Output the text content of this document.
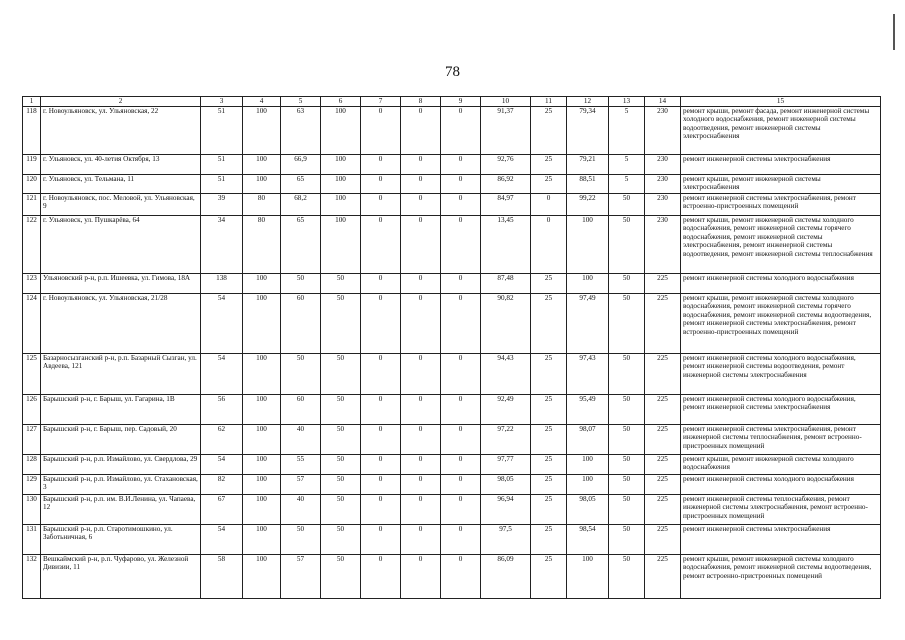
78
1	2	3	4	5	6	7	8	9	10	11	12	13	14	15
118	г. Новоульяновск, ул. Ульяновская, 22	51	100	63	100	0	0	0	91,37	25	79,34	5	230	ремонт крыши, ремонт фасада, ремонт инженерной системы холодного водоснабжения, ремонт инженерной системы водоотведения, ремонт инженерной системы электроснабжения
119	г. Ульяновск, ул. 40-летия Октября, 13	51	100	66,9	100	0	0	0	92,76	25	79,21	5	230	ремонт инженерной системы электроснабжения
120	г. Ульяновск, ул. Тельмана, 11	51	100	65	100	0	0	0	86,92	25	88,51	5	230	ремонт крыши, ремонт инженерной системы электроснабжения
121	г. Новоульяновск, пос. Меловой, ул. Ульяновская, 9	39	80	68,2	100	0	0	0	84,97	0	99,22	50	230	ремонт инженерной системы электроснабжения, ремонт встроенно-пристроенных помещений
122	г. Ульяновск, ул. Пушкарёва, 64	34	80	65	100	0	0	0	13,45	0	100	50	230	ремонт крыши, ремонт инженерной системы холодного водоснабжения, ремонт инженерной системы горячего водоснабжения, ремонт инженерной системы электроснабжения, ремонт инженерной системы водоотведения, ремонт инженерной системы теплоснабжения
123	Ульяновский р-н, р.п. Ишеевка, ул. Гимова, 18А	138	100	50	50	0	0	0	87,48	25	100	50	225	ремонт инженерной системы холодного водоснабжения
124	г. Новоульяновск, ул. Ульяновская, 21/28	54	100	60	50	0	0	0	90,82	25	97,49	50	225	ремонт крыши, ремонт инженерной системы холодного водоснабжения, ремонт инженерной системы горячего водоснабжения, ремонт инженерной системы водоотведения, ремонт инженерной системы электроснабжения, ремонт встроенно-пристроенных помещений
125	Базарносызганский р-н, р.п. Базарный Сызган, ул. Авдеева, 121	54	100	50	50	0	0	0	94,43	25	97,43	50	225	ремонт инженерной системы холодного водоснабжения, ремонт инженерной системы водоотведения, ремонт инженерной системы электроснабжения
126	Барышский р-н, г. Барыш, ул. Гагарина, 1В	56	100	60	50	0	0	0	92,49	25	95,49	50	225	ремонт инженерной системы холодного водоснабжения, ремонт инженерной системы электроснабжения
127	Барышский р-н, г. Барыш, пер. Садовый, 20	62	100	40	50	0	0	0	97,22	25	98,07	50	225	ремонт инженерной системы электроснабжения, ремонт инженерной системы теплоснабжения, ремонт встроенно-пристроенных помещений
128	Барышский р-н, р.п. Измайлово, ул. Свердлова, 29	54	100	55	50	0	0	0	97,77	25	100	50	225	ремонт крыши, ремонт инженерной системы холодного водоснабжения
129	Барышский р-н, р.п. Измайлово, ул. Стахановская, 3	82	100	57	50	0	0	0	98,05	25	100	50	225	ремонт инженерной системы холодного водоснабжения
130	Барышский р-н, р.п. им. В.И.Ленина, ул. Чапаева, 12	67	100	40	50	0	0	0	96,94	25	98,05	50	225	ремонт инженерной системы теплоснабжения, ремонт инженерной системы электроснабжения, ремонт встроенно-пристроенных помещений
131	Барышский р-н, р.п. Старотимошкино, ул. Заботьничная, 6	54	100	50	50	0	0	0	97,5	25	98,54	50	225	ремонт инженерной системы электроснабжения
132	Вешкаймский р-н, р.п. Чуфарово, ул. Железной Дивизии, 11	58	100	57	50	0	0	0	86,09	25	100	50	225	ремонт крыши, ремонт инженерной системы холодного водоснабжения, ремонт инженерной системы водоотведения, ремонт встроенно-пристроенных помещений
